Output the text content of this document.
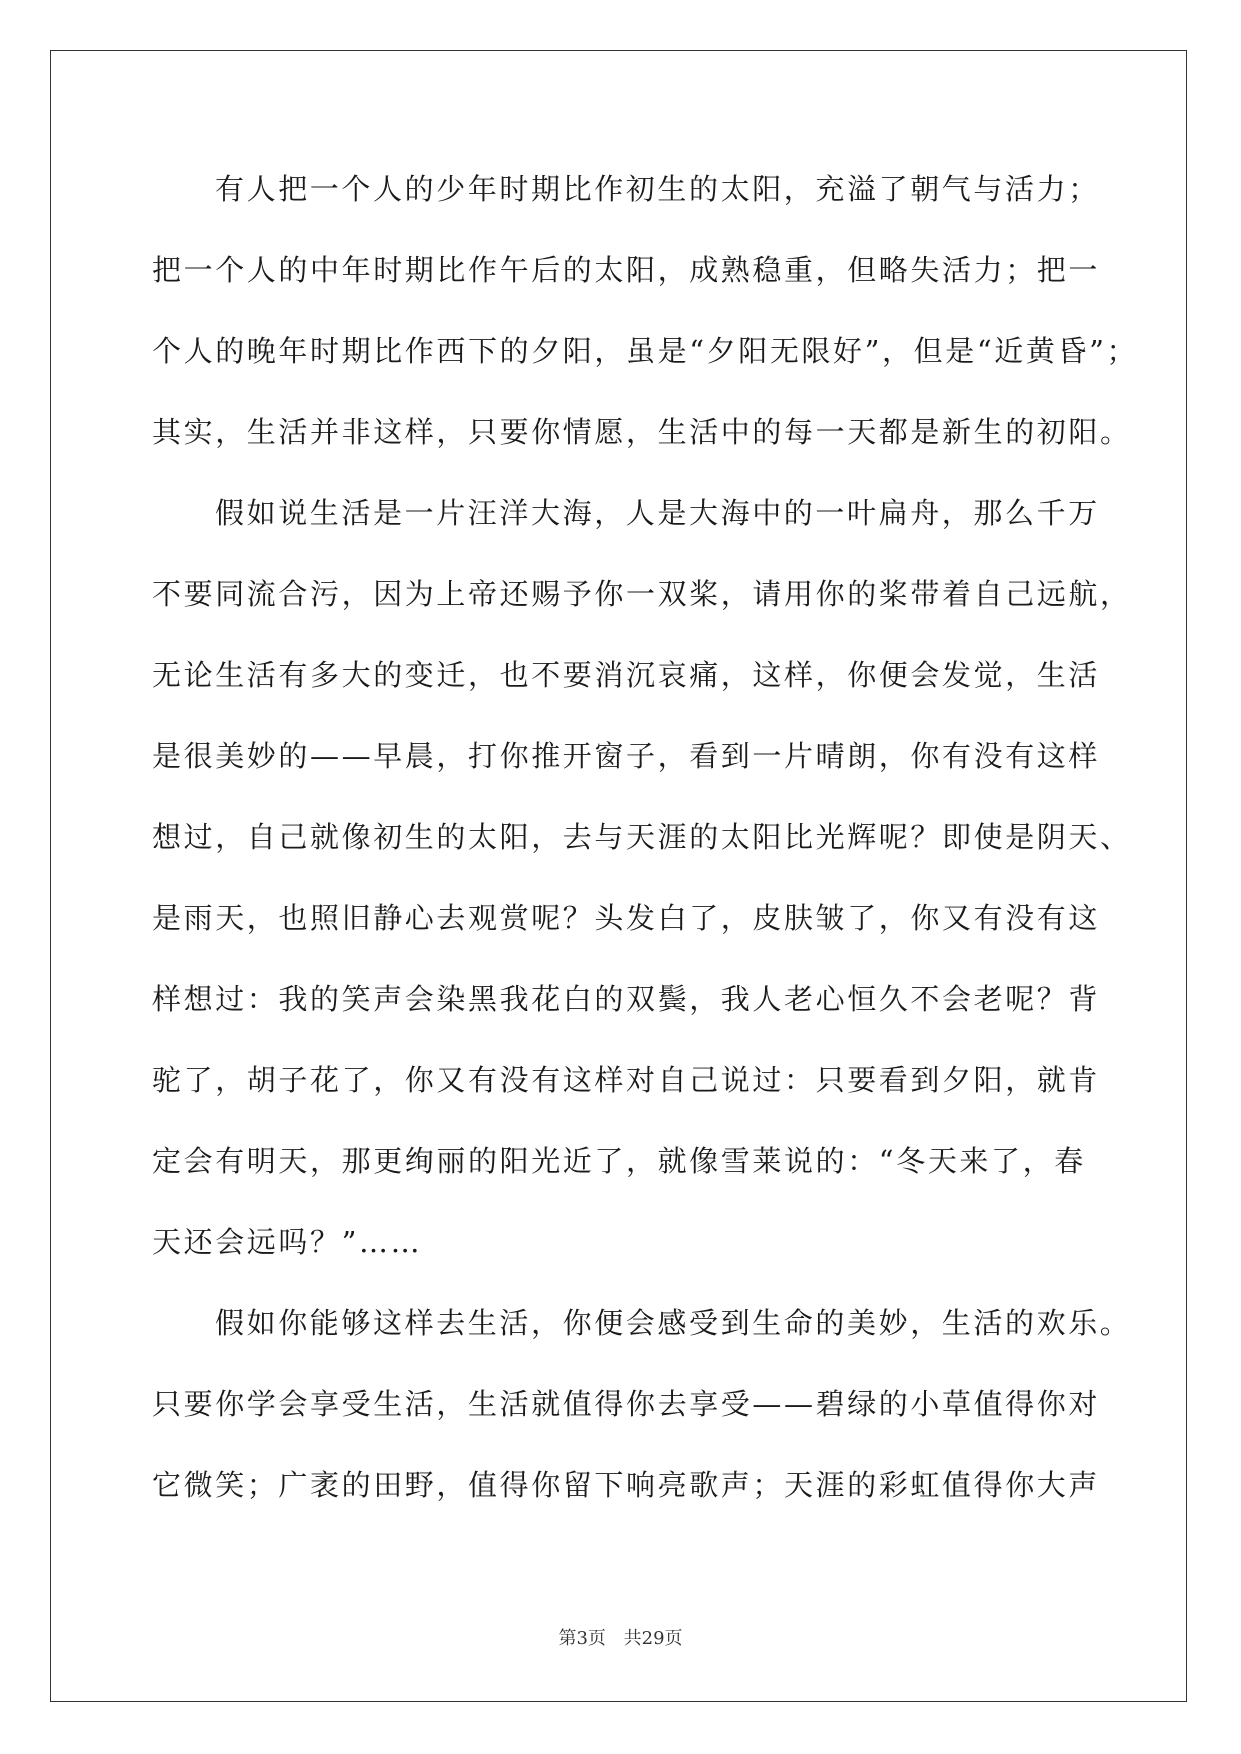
有人把一个人的少年时期比作初生的太阳，充溢了朝气与活力；
把一个人的中年时期比作午后的太阳，成熟稳重，但略失活力；把一
个人的晚年时期比作西下的夕阳，虽是“夕阳无限好”，但是“近黄昏”；
其实，生活并非这样，只要你情愿，生活中的每一天都是新生的初阳。
假如说生活是一片汪洋大海，人是大海中的一叶扁舟，那么千万
不要同流合污，因为上帝还赐予你一双桨，请用你的桨带着自己远航，
无论生活有多大的变迁，也不要消沉哀痛，这样，你便会发觉，生活
是很美妙的——早晨，打你推开窗子，看到一片晴朗，你有没有这样
想过，自己就像初生的太阳，去与天涯的太阳比光辉呢？即使是阴天、
是雨天，也照旧静心去观赏呢？头发白了，皮肤皱了，你又有没有这
样想过：我的笑声会染黑我花白的双鬓，我人老心恒久不会老呢？背
驼了，胡子花了，你又有没有这样对自己说过：只要看到夕阳，就肯
定会有明天，那更绚丽的阳光近了，就像雪莱说的：“冬天来了，春
天还会远吗？”……
假如你能够这样去生活，你便会感受到生命的美妙，生活的欢乐。
只要你学会享受生活，生活就值得你去享受——碧绿的小草值得你对
它微笑；广袤的田野，值得你留下响亮歌声；天涯的彩虹值得你大声
第3页 共29页
